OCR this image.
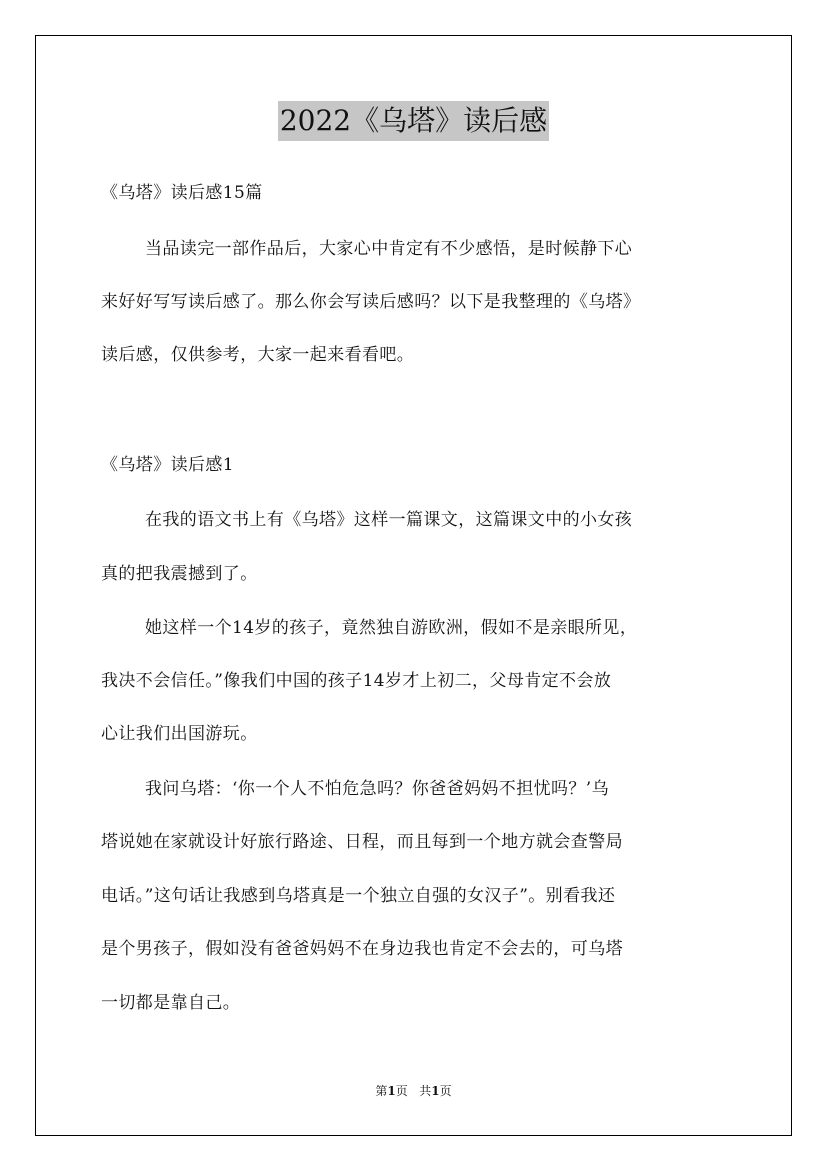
2022《乌塔》读后感
《乌塔》读后感15篇
当品读完一部作品后，大家心中肯定有不少感悟，是时候静下心
来好好写写读后感了。那么你会写读后感吗？以下是我整理的《乌塔》
读后感，仅供参考，大家一起来看看吧。
《乌塔》读后感1
在我的语文书上有《乌塔》这样一篇课文，这篇课文中的小女孩
真的把我震撼到了。
她这样一个14岁的孩子，竟然独自游欧洲，假如不是亲眼所见，
我决不会信任。”像我们中国的孩子14岁才上初二，父母肯定不会放
心让我们出国游玩。
我问乌塔：‘你一个人不怕危急吗？你爸爸妈妈不担忧吗？’乌
塔说她在家就设计好旅行路途、日程，而且每到一个地方就会查警局
电话。”这句话让我感到乌塔真是一个独立自强的女汉子”。别看我还
是个男孩子，假如没有爸爸妈妈不在身边我也肯定不会去的，可乌塔
一切都是靠自己。
第1页 共1页
